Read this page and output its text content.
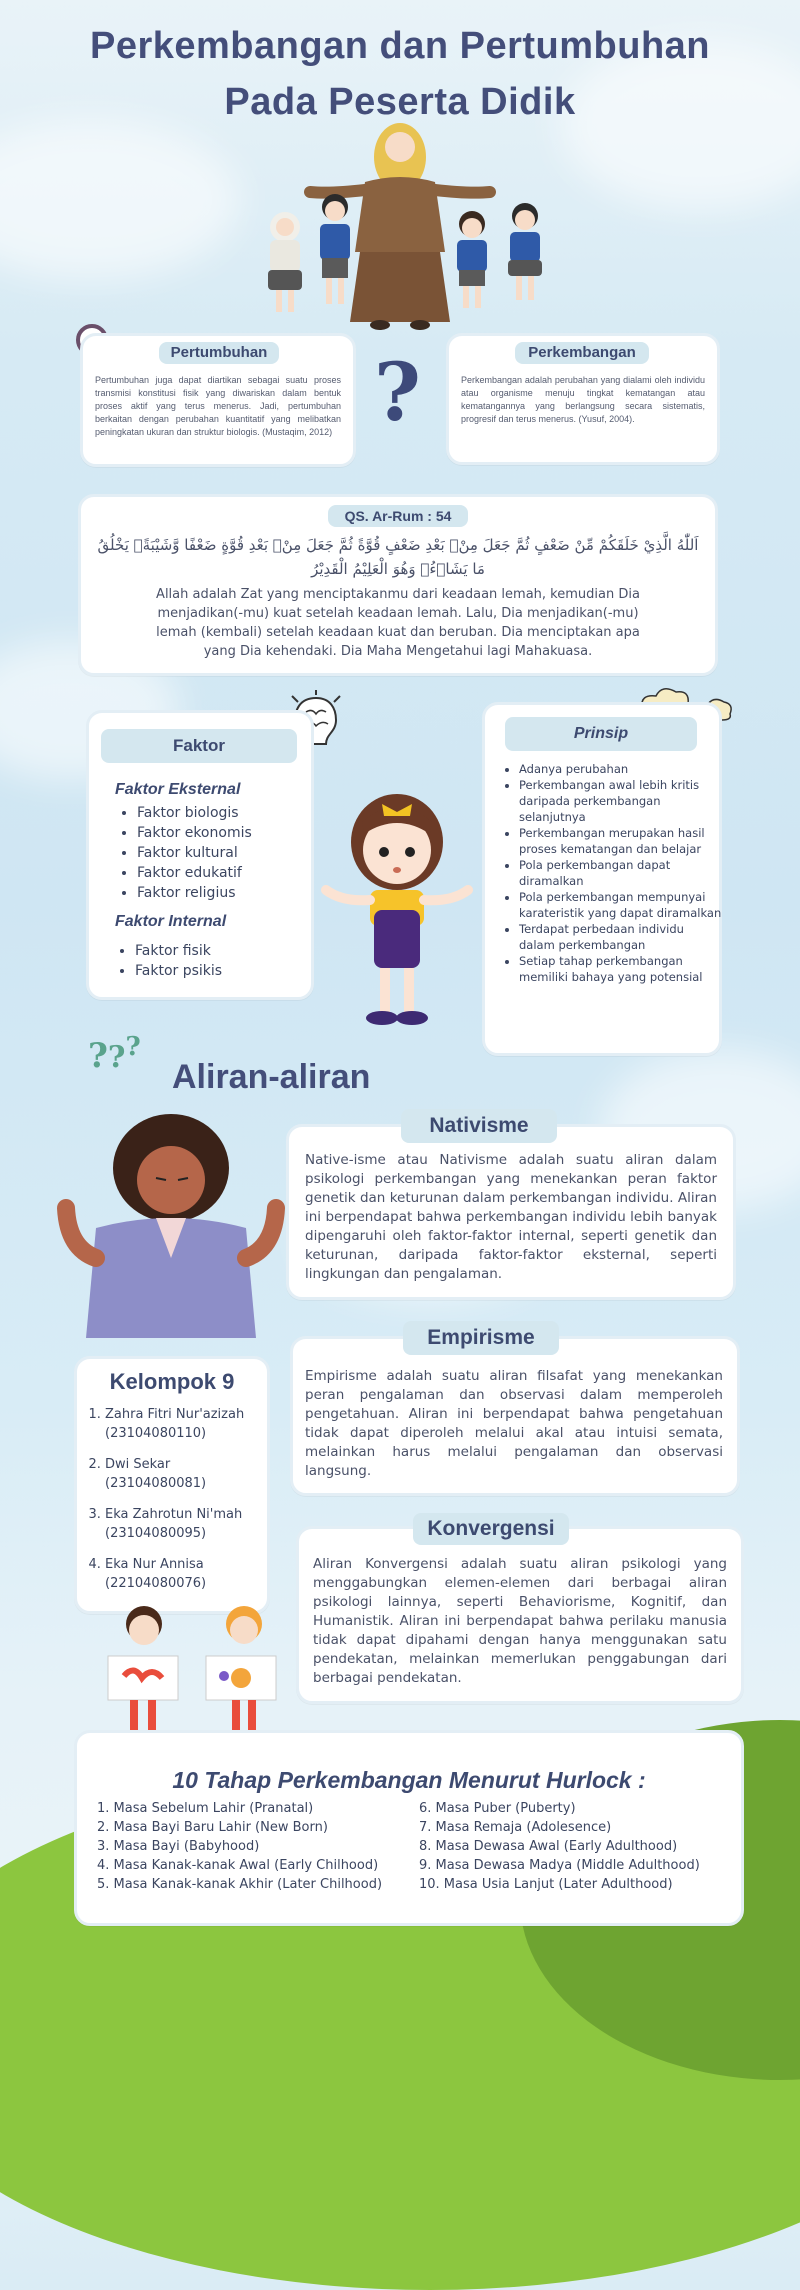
Perkembangan dan Pertumbuhan
Pada Peserta Didik
Pertumbuhan
Pertumbuhan juga dapat diartikan sebagai suatu proses transmisi konstitusi fisik yang diwariskan dalam bentuk proses aktif yang terus menerus. Jadi, pertumbuhan berkaitan dengan perubahan kuantitatif yang melibatkan peningkatan ukuran dan struktur biologis. (Mustaqim, 2012) ?	Perkembangan
Perkembangan adalah perubahan yang dialami oleh individu atau organisme menuju tingkat kematangan atau kematangannya yang berlangsung secara sistematis, progresif dan terus menerus. (Yusuf, 2004).
QS. Ar-Rum : 54
اَللّٰهُ الَّذِيْ خَلَقَكُمْ مِّنْ ضَعْفٍ ثُمَّ جَعَلَ مِنْۢ بَعْدِ ضَعْفٍ قُوَّةً ثُمَّ جَعَلَ مِنْۢ بَعْدِ قُوَّةٍ ضَعْفًا وَّشَيْبَةًۗ يَخْلُقُ مَا يَشَاۤءُۚ وَهُوَ الْعَلِيْمُ الْقَدِيْرُ
Allah adalah Zat yang menciptakanmu dari keadaan lemah, kemudian Dia menjadikan(-mu) kuat setelah keadaan lemah. Lalu, Dia menjadikan(-mu) lemah (kembali) setelah keadaan kuat dan beruban. Dia menciptakan apa yang Dia kehendaki. Dia Maha Mengetahui lagi Mahakuasa.
Faktor
Faktor Eksternal
• Faktor biologis
• Faktor ekonomis
• Faktor kultural
• Faktor edukatif
• Faktor religius
Faktor Internal
• Faktor fisik
• Faktor psikis
Prinsip
• Adanya perubahan
• Perkembangan awal lebih kritis daripada perkembangan selanjutnya
• Perkembangan merupakan hasil proses kematangan dan belajar
• Pola perkembangan dapat diramalkan
• Pola perkembangan mempunyai karateristik yang dapat diramalkan
• Terdapat perbedaan individu dalam perkembangan
• Setiap tahap perkembangan memiliki bahaya yang potensial
???
Aliran-aliran
Nativisme
Native-isme atau Nativisme adalah suatu aliran dalam psikologi perkembangan yang menekankan peran faktor genetik dan keturunan dalam perkembangan individu. Aliran ini berpendapat bahwa perkembangan individu lebih banyak dipengaruhi oleh faktor-faktor internal, seperti genetik dan keturunan, daripada faktor-faktor eksternal, seperti lingkungan dan pengalaman.
Kelompok 9
1. Zahra Fitri Nur'azizah
(23104080110)
2. Dwi Sekar
(23104080081)
3. Eka Zahrotun Ni'mah
(23104080095)
4. Eka Nur Annisa
(22104080076)
Empirisme
Empirisme adalah suatu aliran filsafat yang menekankan peran pengalaman dan observasi dalam memperoleh pengetahuan. Aliran ini berpendapat bahwa pengetahuan tidak dapat diperoleh melalui akal atau intuisi semata, melainkan harus melalui pengalaman dan observasi langsung.
Konvergensi
Aliran Konvergensi adalah suatu aliran psikologi yang menggabungkan elemen-elemen dari berbagai aliran psikologi lainnya, seperti Behaviorisme, Kognitif, dan Humanistik. Aliran ini berpendapat bahwa perilaku manusia tidak dapat dipahami dengan hanya menggunakan satu pendekatan, melainkan memerlukan penggabungan dari berbagai pendekatan.
10 Tahap Perkembangan Menurut Hurlock :
1. Masa Sebelum Lahir (Pranatal)
2. Masa Bayi Baru Lahir (New Born)
3. Masa Bayi (Babyhood)
4. Masa Kanak-kanak Awal (Early Chilhood)
5. Masa Kanak-kanak Akhir (Later Chilhood)
6. Masa Puber (Puberty)
7. Masa Remaja (Adolesence)
8. Masa Dewasa Awal (Early Adulthood)
9. Masa Dewasa Madya (Middle Adulthood)
10. Masa Usia Lanjut (Later Adulthood)
